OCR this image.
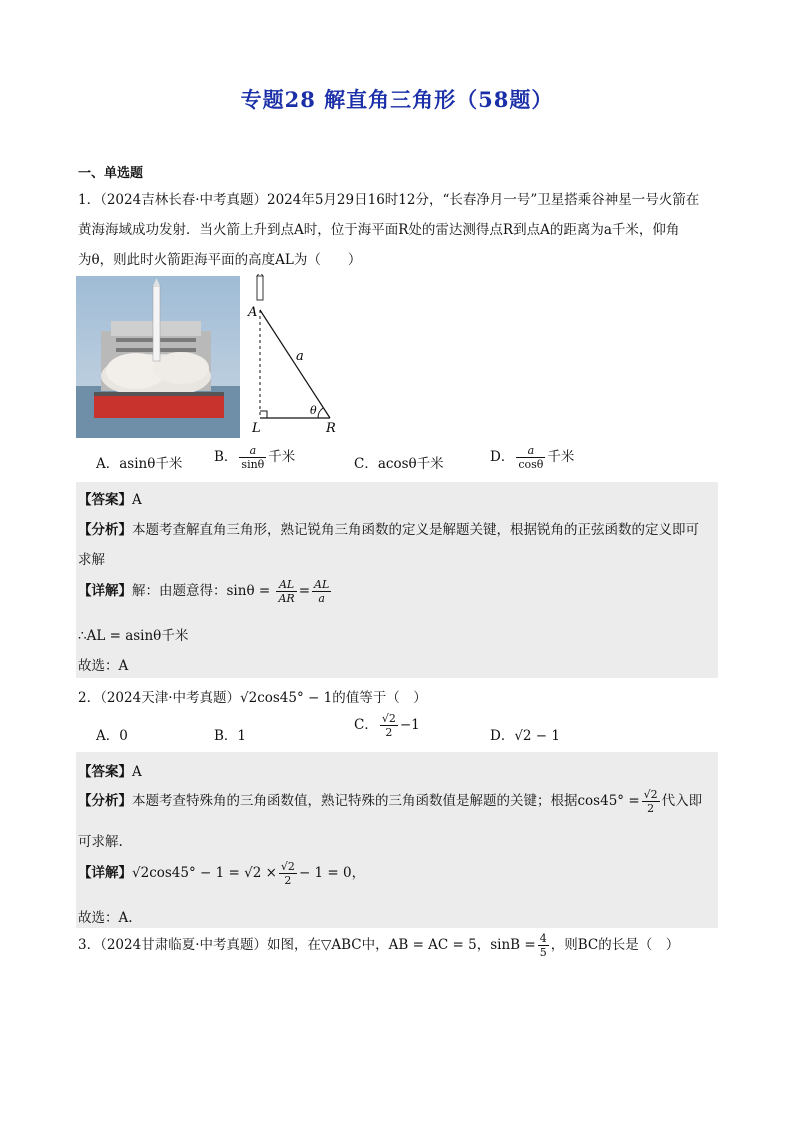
专题28 解直角三角形（58题）
一、单选题
1．（2024吉林长春·中考真题）2024年5月29日16时12分，“长春净月一号”卫星搭乘谷神星一号火箭在
黄海海域成功发射．当火箭上升到点A时，位于海平面R处的雷达测得点R到点A的距离为a千米，仰角
为θ，则此时火箭距海平面的高度AL为（　　）
A
a
θ
L	R
A．asinθ千米 B． $\frac{a}{\sin\theta}$ 千米	C．acosθ千米	D． $\frac{a}{\cos\theta}$ 千米
【答案】A
【分析】本题考查解直角三角形，熟记锐角三角函数的定义是解题关键，根据锐角的正弦函数的定义即可
求解
【详解】解：由题意得：$\sin\theta = \frac{AL}{AR} = \frac{AL}{a}$
∴AL = asinθ千米
故选：A
2．（2024天津·中考真题）√2cos45° − 1的值等于（　）
A．0	B．1
C． $\frac{√2}{2} -1$
D．√2 − 1
【答案】A
【分析】本题考查特殊角的三角函数值，熟记特殊的三角函数值是解题的关键；根据$\cos 45^\circ = \frac{√2}{2}$ 代入即
可求解.
【详解】$√2\cos 45^\circ - 1 = √2 \times \frac{√2}{2} - 1 = 0$，
故选：A.
3．（2024甘肃临夏·中考真题）如图，在▽ABC中，AB = AC = 5，$\sin B = \frac{4}{5}$ ，则BC的长是（　）
